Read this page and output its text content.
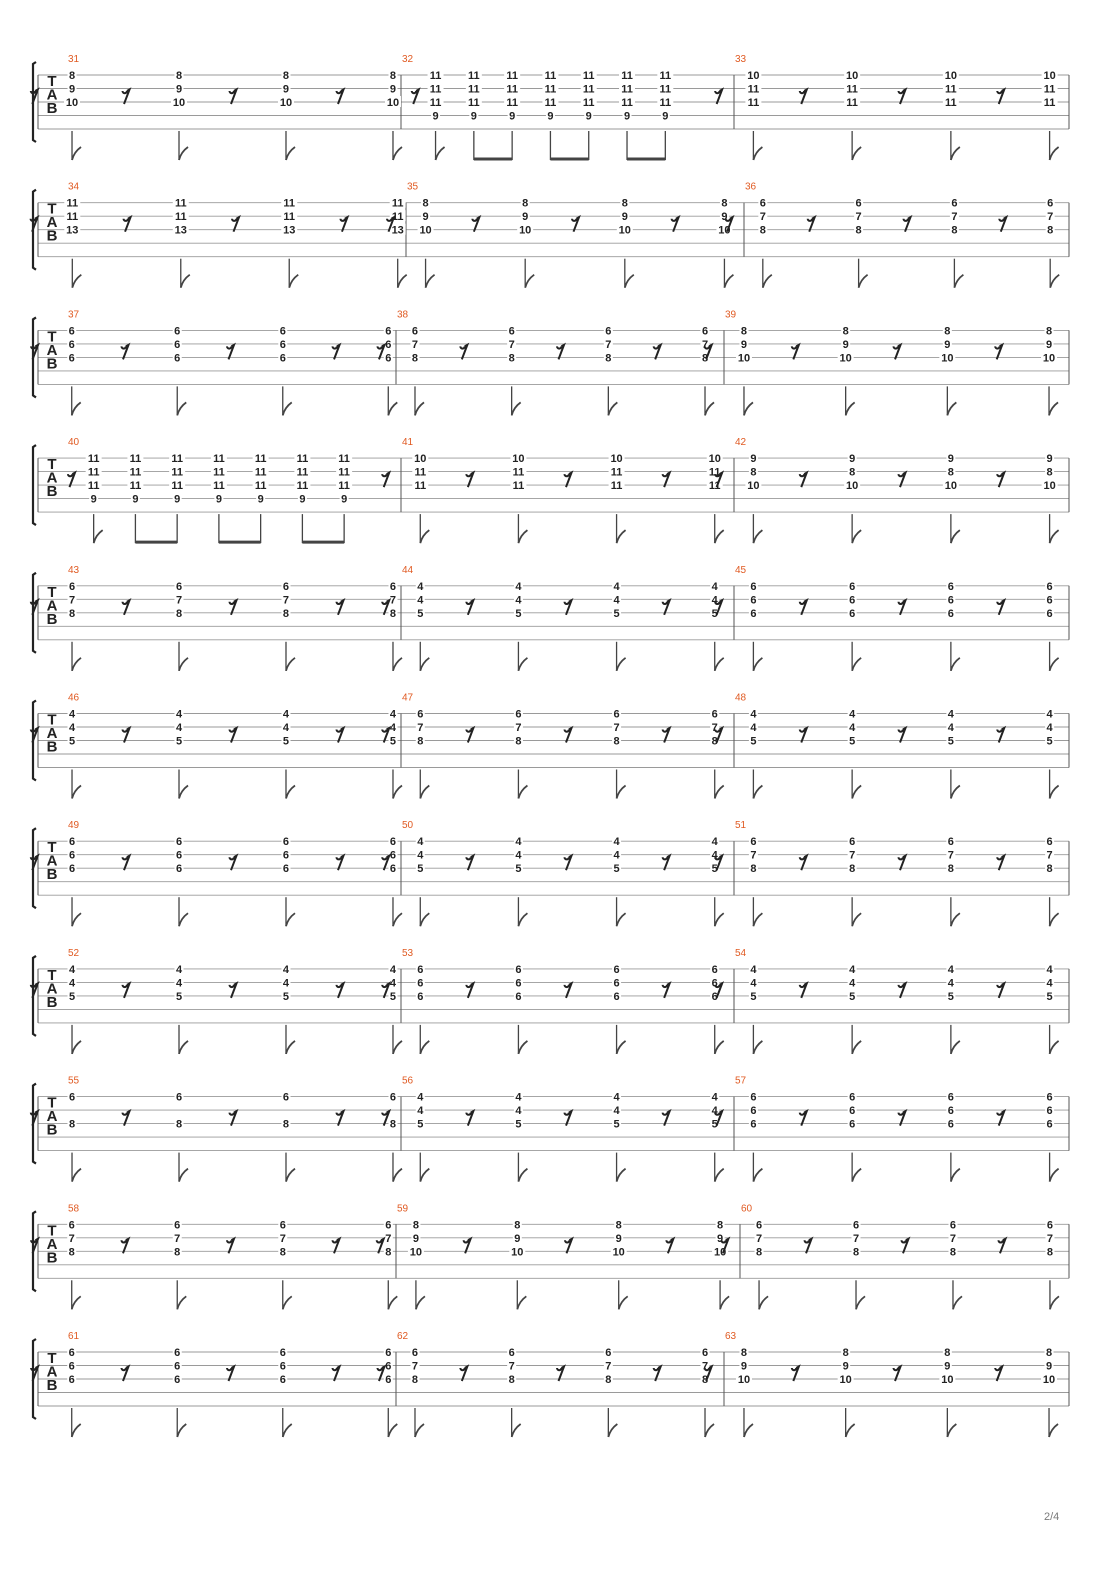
T
A
B
31
8
9
10
8
9
10
8
9
10
8
9
10
32
11
11
11
9
11
11
11
9
11
11
11
9
11
11
11
9
11
11
11
9
11
11
11
9
11
11
11
9
33
10
11
11
10
11
11
10
11
11
10
11
11
T
A
B
34
11
11
13
11
11
13
11
11
13
11
11
13
35
8
9
10
8
9
10
8
9
10
8
9
10
36
6
7
8
6
7
8
6
7
8
6
7
8
T
A
B
37
6
6
6
6
6
6
6
6
6
6
6
6
38
6
7
8
6
7
8
6
7
8
6
7
8
39
8
9
10
8
9
10
8
9
10
8
9
10
T
A
B
40
11
11
11
9
11
11
11
9
11
11
11
9
11
11
11
9
11
11
11
9
11
11
11
9
11
11
11
9
41
10
11
11
10
11
11
10
11
11
10
11
11
42
9
8
10
9
8
10
9
8
10
9
8
10
T
A
B
43
6
7
8
6
7
8
6
7
8
6
7
8
44
4
4
5
4
4
5
4
4
5
4
4
5
45
6
6
6
6
6
6
6
6
6
6
6
6
T
A
B
46
4
4
5
4
4
5
4
4
5
4
4
5
47
6
7
8
6
7
8
6
7
8
6
7
8
48
4
4
5
4
4
5
4
4
5
4
4
5
T
A
B
49
6
6
6
6
6
6
6
6
6
6
6
6
50
4
4
5
4
4
5
4
4
5
4
4
5
51
6
7
8
6
7
8
6
7
8
6
7
8
T
A
B
52
4
4
5
4
4
5
4
4
5
4
4
5
53
6
6
6
6
6
6
6
6
6
6
6
6
54
4
4
5
4
4
5
4
4
5
4
4
5
T
A
B
55
6
8
6
8
6
8
6
8
56
4
4
5
4
4
5
4
4
5
4
4
5
57
6
6
6
6
6
6
6
6
6
6
6
6
T
A
B
58
6
7
8
6
7
8
6
7
8
6
7
8
59
8
9
10
8
9
10
8
9
10
8
9
10
60
6
7
8
6
7
8
6
7
8
6
7
8
T
A
B
61
6
6
6
6
6
6
6
6
6
6
6
6
62
6
7
8
6
7
8
6
7
8
6
7
8
63
8
9
10
8
9
10
8
9
10
8
9
10
2/4
